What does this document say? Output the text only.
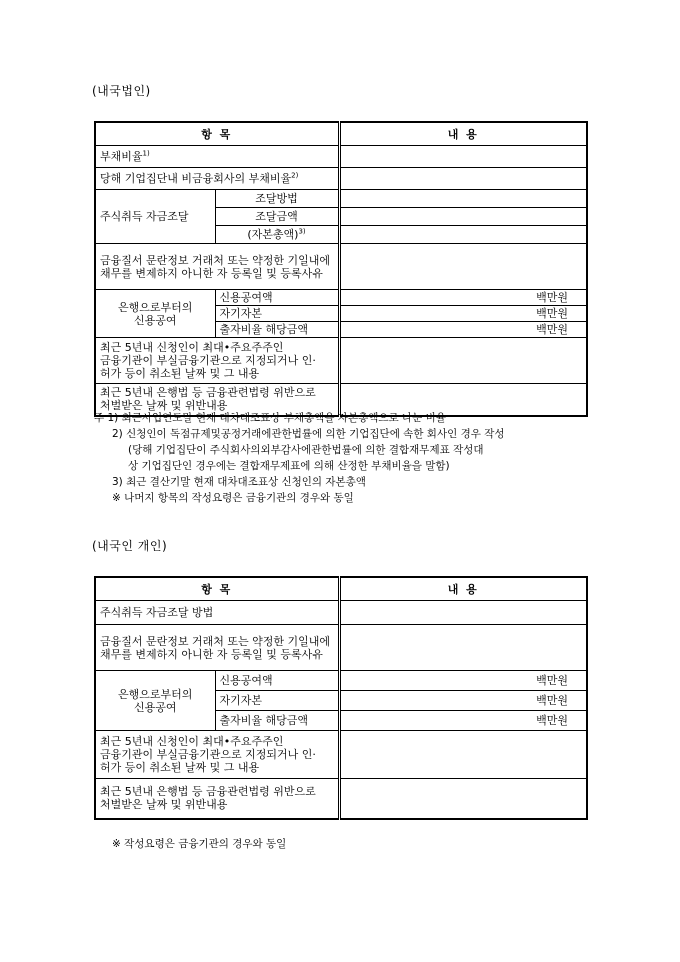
(내국법인)
항 목		내 용
부채비율$^{1)}$	
당해 기업집단내 비금융회사의 부채비율$^{2)}$	
주식취득 자금조달	조달방법	
	조달금액	
	(자본총액)$^{3)}$	
금융질서 문란정보 거래처 또는 약정한 기일내에 채무를 변제하지 아니한 자 등록일 및 등록사유		
은행으로부터의 신용공여	신용공여액	백만원
	자기자본	백만원
	출자비율 해당금액	백만원
최근 5년내 신청인이 최대•주요주주인 금융기관이 부실금융기관으로 지정되거나 인·허가 등이 취소된 날짜 및 그 내용		
최근 5년내 은행법 등 금융관련법령 위반으로 처벌받은 날짜 및 위반내용		
주 1) 최근사업연도말 현재 대차대조표상 부채총액을 자본총액으로 나눈 비율
2) 신청인이 독점규제및공정거래에관한법률에 의한 기업집단에 속한 회사인 경우 작성
(당해 기업집단이 주식회사의외부감사에관한법률에 의한 결합재무제표 작성대
상 기업집단인 경우에는 결합재무제표에 의해 산정한 부채비율을 말함)
3) 최근 결산기말 현재 대차대조표상 신청인의 자본총액
※ 나머지 항목의 작성요령은 금융기관의 경우와 동일
(내국인 개인)
항 목		내 용
주식취득 자금조달 방법		
금융질서 문란정보 거래처 또는 약정한 기일내에 채무를 변제하지 아니한 자 등록일 및 등록사유		
은행으로부터의 신용공여	신용공여액	백만원
	자기자본	백만원
	출자비율 해당금액	백만원
최근 5년내 신청인이 최대•주요주주인 금융기관이 부실금융기관으로 지정되거나 인·허가 등이 취소된 날짜 및 그 내용		
최근 5년내 은행법 등 금융관련법령 위반으로 처벌받은 날짜 및 위반내용		
※ 작성요령은 금융기관의 경우와 동일
